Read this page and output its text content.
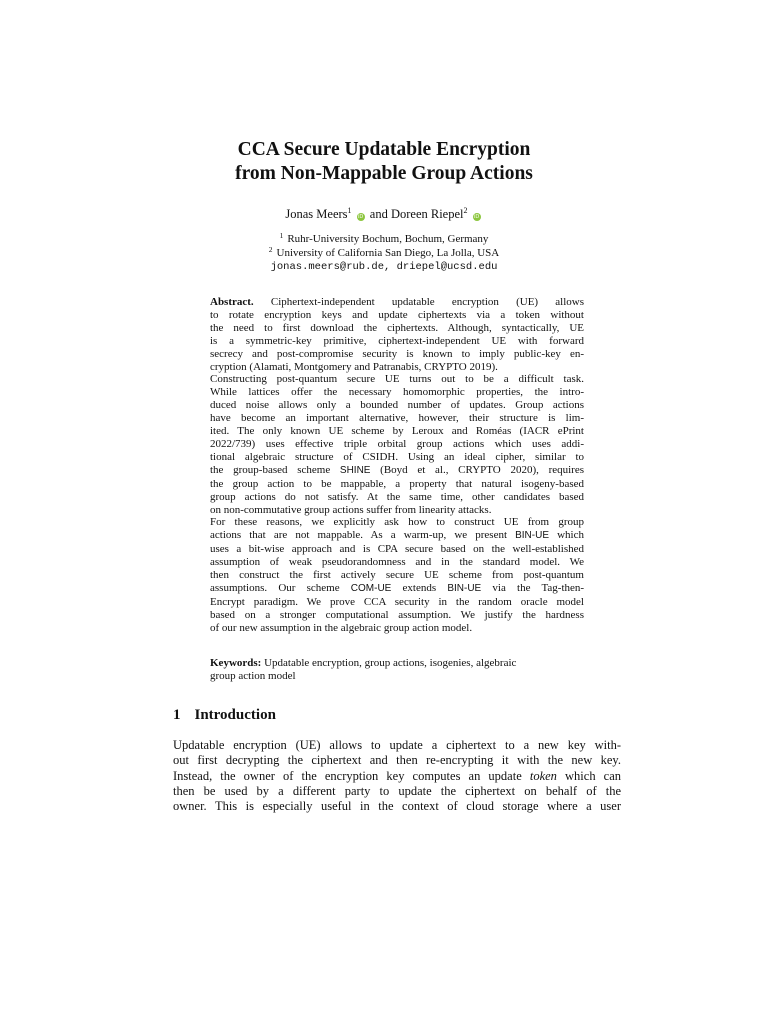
CCA Secure Updatable Encryption
from Non-Mappable Group Actions
Jonas Meers$^1$ iD and Doreen Riepel$^2$ iD
$^1$ Ruhr-University Bochum, Bochum, Germany
$^2$ University of California San Diego, La Jolla, USA
jonas.meers@rub.de, driepel@ucsd.edu

Abstract. Ciphertext-independent updatable encryption (UE) allows
to rotate encryption keys and update ciphertexts via a token without
the need to first download the ciphertexts. Although, syntactically, UE
is a symmetric-key primitive, ciphertext-independent UE with forward
secrecy and post-compromise security is known to imply public-key en-
cryption (Alamati, Montgomery and Patranabis, CRYPTO 2019).

Constructing post-quantum secure UE turns out to be a difficult task.
While lattices offer the necessary homomorphic properties, the intro-
duced noise allows only a bounded number of updates. Group actions
have become an important alternative, however, their structure is lim-
ited. The only known UE scheme by Leroux and Roméas (IACR ePrint
2022/739) uses effective triple orbital group actions which uses addi-
tional algebraic structure of CSIDH. Using an ideal cipher, similar to
the group-based scheme SHINE (Boyd et al., CRYPTO 2020), requires
the group action to be mappable, a property that natural isogeny-based
group actions do not satisfy. At the same time, other candidates based
on non-commutative group actions suffer from linearity attacks.

For these reasons, we explicitly ask how to construct UE from group
actions that are not mappable. As a warm-up, we present BIN-UE which
uses a bit-wise approach and is CPA secure based on the well-established
assumption of weak pseudorandomness and in the standard model. We
then construct the first actively secure UE scheme from post-quantum
assumptions. Our scheme COM-UE extends BIN-UE via the Tag-then-
Encrypt paradigm. We prove CCA security in the random oracle model
based on a stronger computational assumption. We justify the hardness
of our new assumption in the algebraic group action model.

Keywords: Updatable encryption, group actions, isogenies, algebraic
group action model
1 Introduction
Updatable encryption (UE) allows to update a ciphertext to a new key with-
out first decrypting the ciphertext and then re-encrypting it with the new key.
Instead, the owner of the encryption key computes an update token which can
then be used by a different party to update the ciphertext on behalf of the
owner. This is especially useful in the context of cloud storage where a user
